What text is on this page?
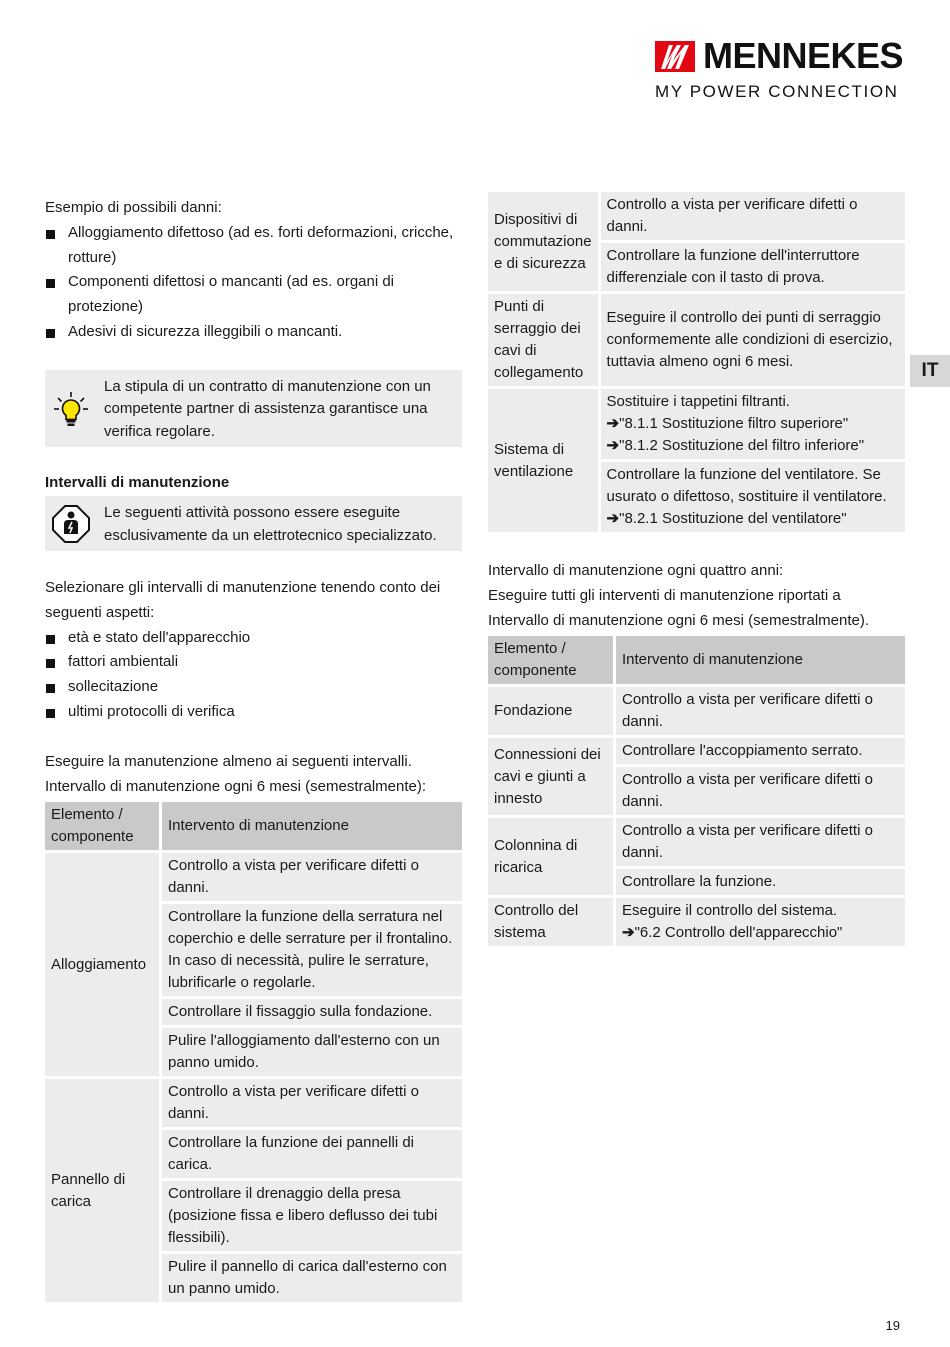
MENNEKES
MY POWER CONNECTION
IT

Esempio di possibili danni:

Alloggiamento difettoso (ad es. forti deformazioni, cricche, rotture)
Componenti difettosi o mancanti (ad es. organi di protezione)
Adesivi di sicurezza illeggibili o mancanti.
La stipula di un contratto di manutenzione con un competente partner di assistenza garantisce una verifica regolare.

Intervalli di manutenzione

Le seguenti attività possono essere eseguite esclusivamente da un elettrotecnico specializzato.

Selezionare gli intervalli di manutenzione tenendo conto dei seguenti aspetti:

età e stato dell'apparecchio
fattori ambientali
sollecitazione
ultimi protocolli di verifica

Eseguire la manutenzione almeno ai seguenti intervalli.

Intervallo di manutenzione ogni 6 mesi (semestralmente):

Elemento / componente	Intervento di manutenzione
Alloggiamento	Controllo a vista per verificare difetti o danni.
	Controllare la funzione della serratura nel coperchio e delle serrature per il frontalino. In caso di necessità, pulire le serrature, lubrificarle o regolarle.
	Controllare il fissaggio sulla fondazione.
	Pulire l'alloggiamento dall'esterno con un panno umido.
Pannello di carica	Controllo a vista per verificare difetti o danni.
	Controllare la funzione dei pannelli di carica.
	Controllare il drenaggio della presa (posizione fissa e libero deflusso dei tubi flessibili).
	Pulire il pannello di carica dall'esterno con un panno umido.
Dispositivi di commutazione e di sicurezza	Controllo a vista per verificare difetti o danni.
	Controllare la funzione dell'interruttore differenziale con il tasto di prova.
Punti di serraggio dei cavi di collegamento	Eseguire il controllo dei punti di serraggio conformemente alle condizioni di esercizio, tuttavia almeno ogni 6 mesi.
Sistema di ventilazione	Sostituire i tappetini filtranti.
➔"8.1.1 Sostituzione filtro superiore"
➔"8.1.2 Sostituzione del filtro inferiore"

	Controllare la funzione del ventilatore. Se usurato o difettoso, sostituire il ventilatore.
➔"8.2.1 Sostituzione del ventilatore"

Intervallo di manutenzione ogni quattro anni:

Eseguire tutti gli interventi di manutenzione riportati a Intervallo di manutenzione ogni 6 mesi (semestralmente).

Elemento / componente	Intervento di manutenzione
Fondazione	Controllo a vista per verificare difetti o danni.
Connessioni dei cavi e giunti a innesto	Controllare l'accoppiamento serrato.
	Controllo a vista per verificare difetti o danni.
Colonnina di ricarica	Controllo a vista per verificare difetti o danni.
	Controllare la funzione.
Controllo del sistema	Eseguire il controllo del sistema.
➔"6.2 Controllo dell'apparecchio"
19
